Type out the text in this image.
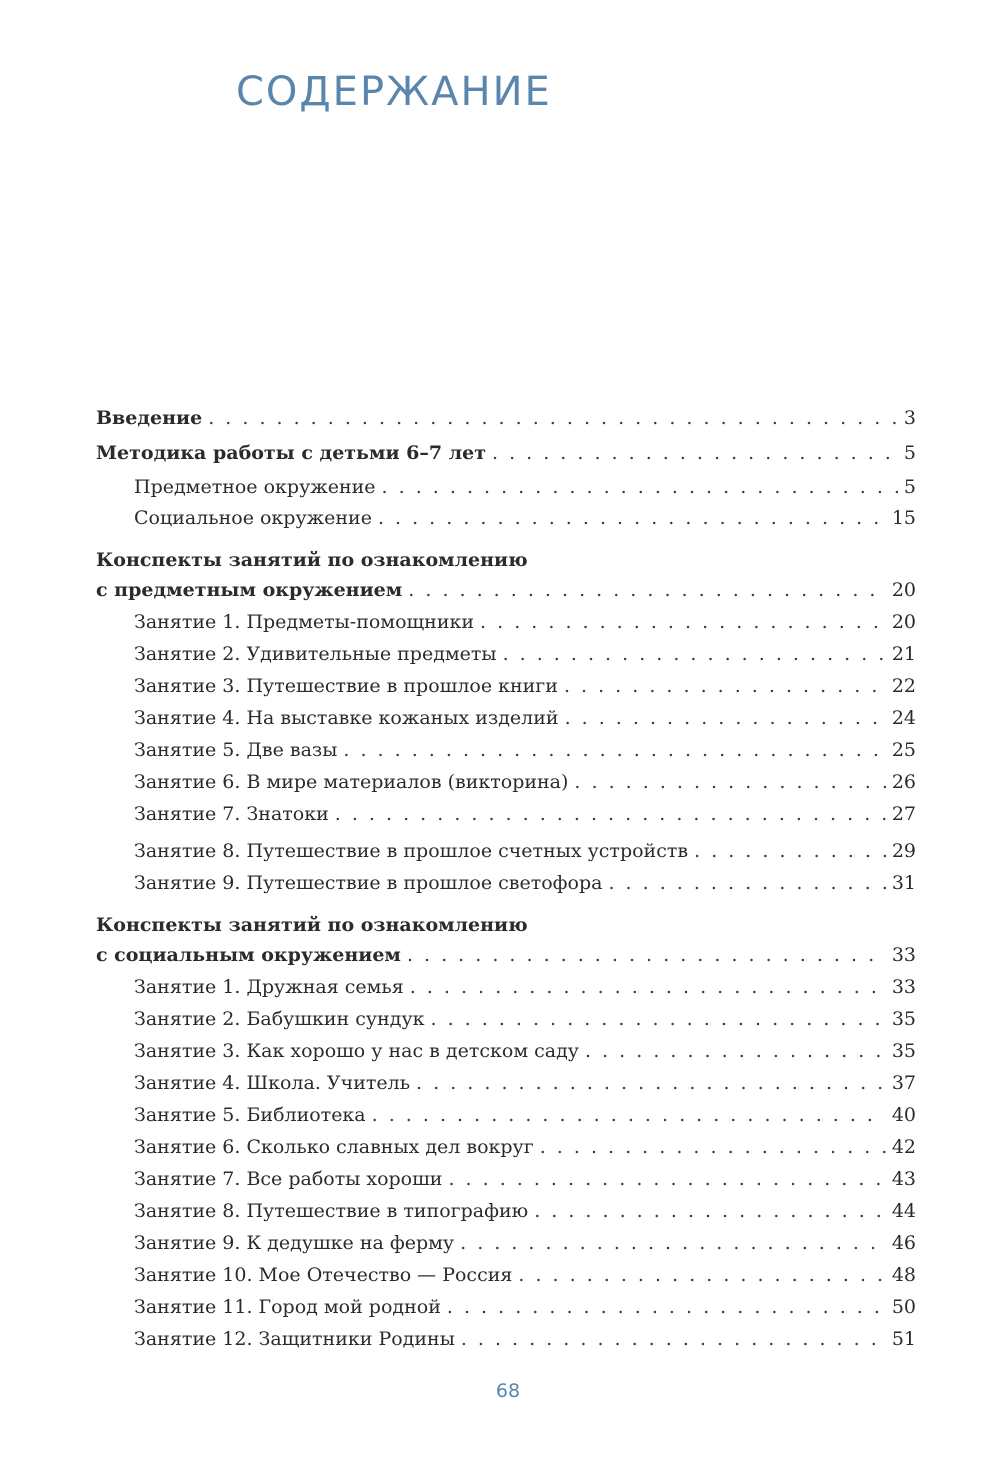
СОДЕРЖАНИЕ
Введение . . .	3
Методика работы с детьми 6–7 лет . . .	5
Предметное окружение . . .	5
Социальное окружение . . .	15
Конспекты занятий по ознакомлению
с предметным окружением . . .	20
Занятие 1. Предметы-помощники . . .	20
Занятие 2. Удивительные предметы . . .	21
Занятие 3. Путешествие в прошлое книги . . .	22
Занятие 4. На выставке кожаных изделий . . .	24
Занятие 5. Две вазы . . .	25
Занятие 6. В мире материалов (викторина) . . .	26
Занятие 7. Знатоки . . .	27
Занятие 8. Путешествие в прошлое счетных устройств . . .	29
Занятие 9. Путешествие в прошлое светофора . . .	31
Конспекты занятий по ознакомлению
с социальным окружением . . .	33
Занятие 1. Дружная семья . . .	33
Занятие 2. Бабушкин сундук . . .	35
Занятие 3. Как хорошо у нас в детском саду . . .	35
Занятие 4. Школа. Учитель . . .	37
Занятие 5. Библиотека . . .	40
Занятие 6. Сколько славных дел вокруг . . .	42
Занятие 7. Все работы хороши . . .	43
Занятие 8. Путешествие в типографию . . .	44
Занятие 9. К дедушке на ферму . . .	46
Занятие 10. Мое Отечество — Россия . . .	48
Занятие 11. Город мой родной . . .	50
Занятие 12. Защитники Родины . . .	51
68
